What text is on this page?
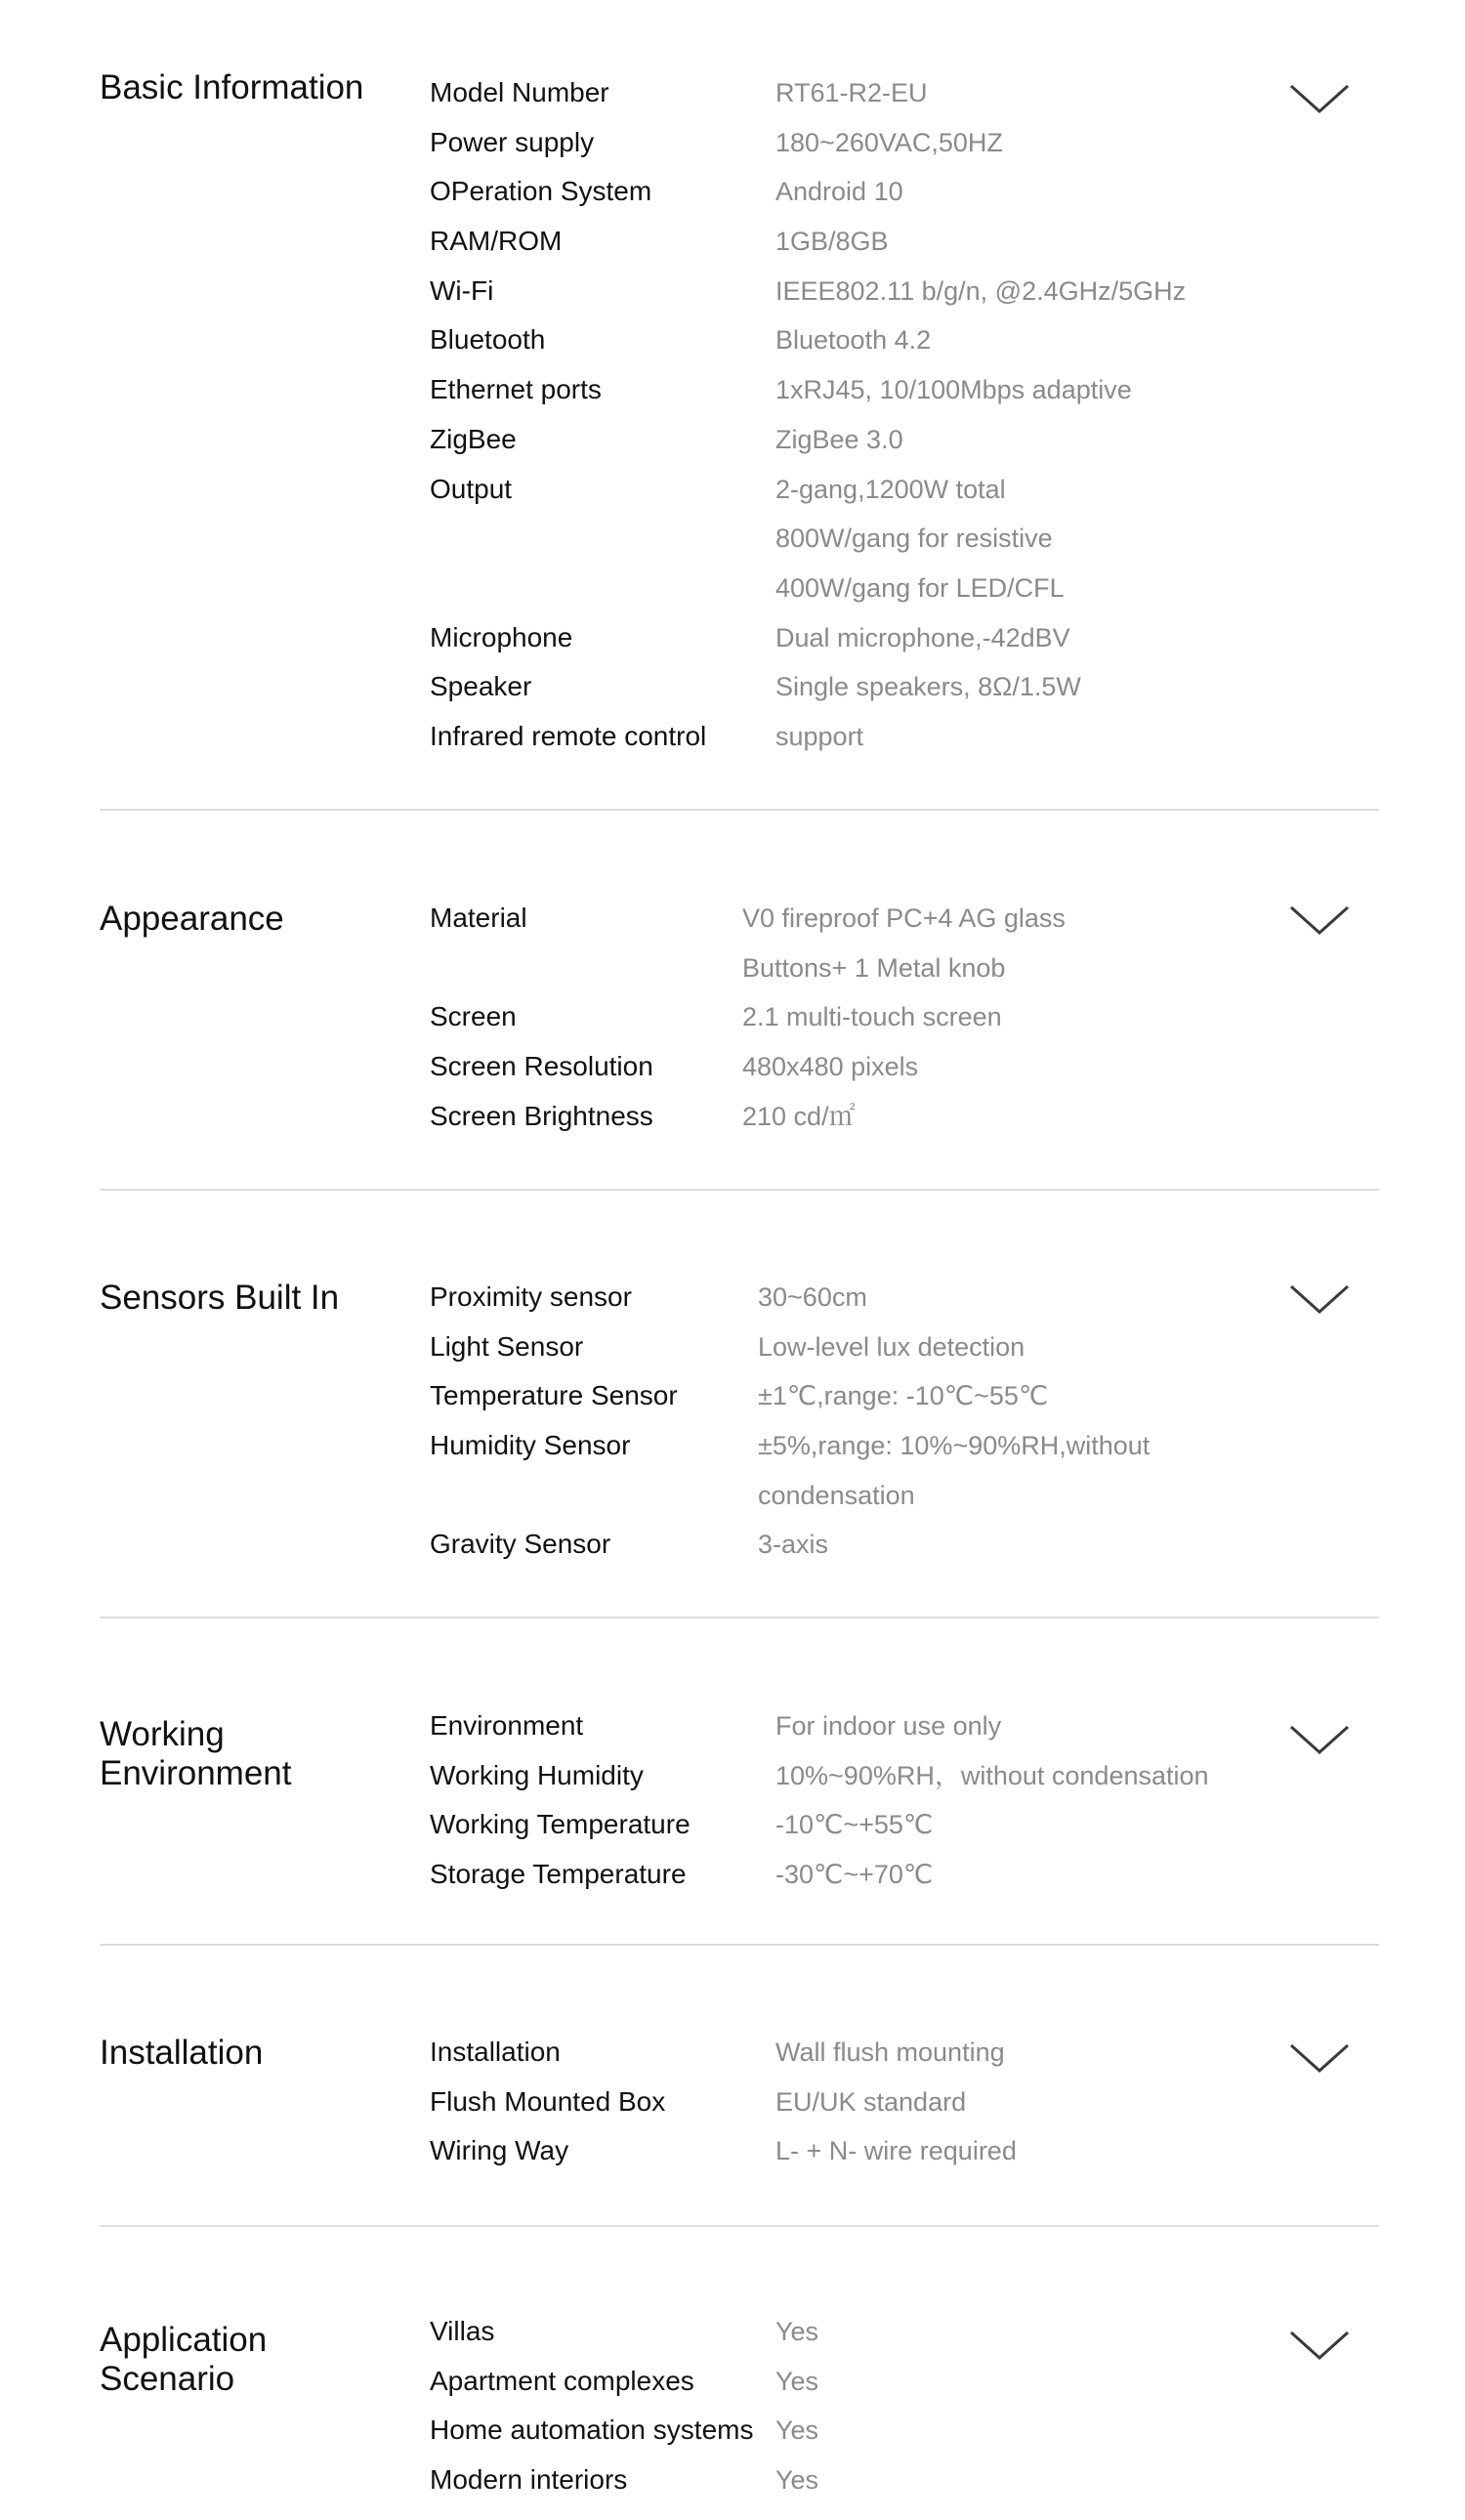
Basic Information	Model Number	RT61-R2-EU
Power supply	180~260VAC,50HZ
OPeration System	Android 10
RAM/ROM	1GB/8GB
Wi-Fi	IEEE802.11 b/g/n, @2.4GHz/5GHz
Bluetooth	Bluetooth 4.2
Ethernet ports	1xRJ45, 10/100Mbps adaptive
ZigBee	ZigBee 3.0
Output	2-gang,1200W total
800W/gang for resistive
400W/gang for LED/CFL
Microphone	Dual microphone,-42dBV
Speaker	Single speakers, 8Ω/1.5W
Infrared remote control	support
Appearance	Material	V0 fireproof PC+4 AG glass
Buttons+ 1 Metal knob
Screen	2.1 multi-touch screen
Screen Resolution	480x480 pixels
Screen Brightness	210 cd/㎡
Sensors Built In	Proximity sensor	30~60cm
Light Sensor	Low-level lux detection
Temperature Sensor	±1℃,range: -10℃~55℃
Humidity Sensor	±5%,range: 10%~90%RH,without
condensation
Gravity Sensor	3-axis
Working
Environment
Environment	For indoor use only
Working Humidity	10%~90%RH，without condensation
Working Temperature	-10℃~+55℃
Storage Temperature	-30℃~+70℃
Installation	Installation	Wall flush mounting
Flush Mounted Box	EU/UK standard
Wiring Way	L- + N- wire required
Application
Scenario
Villas	Yes
Apartment complexes	Yes
Home automation systems Yes
Modern interiors	Yes
